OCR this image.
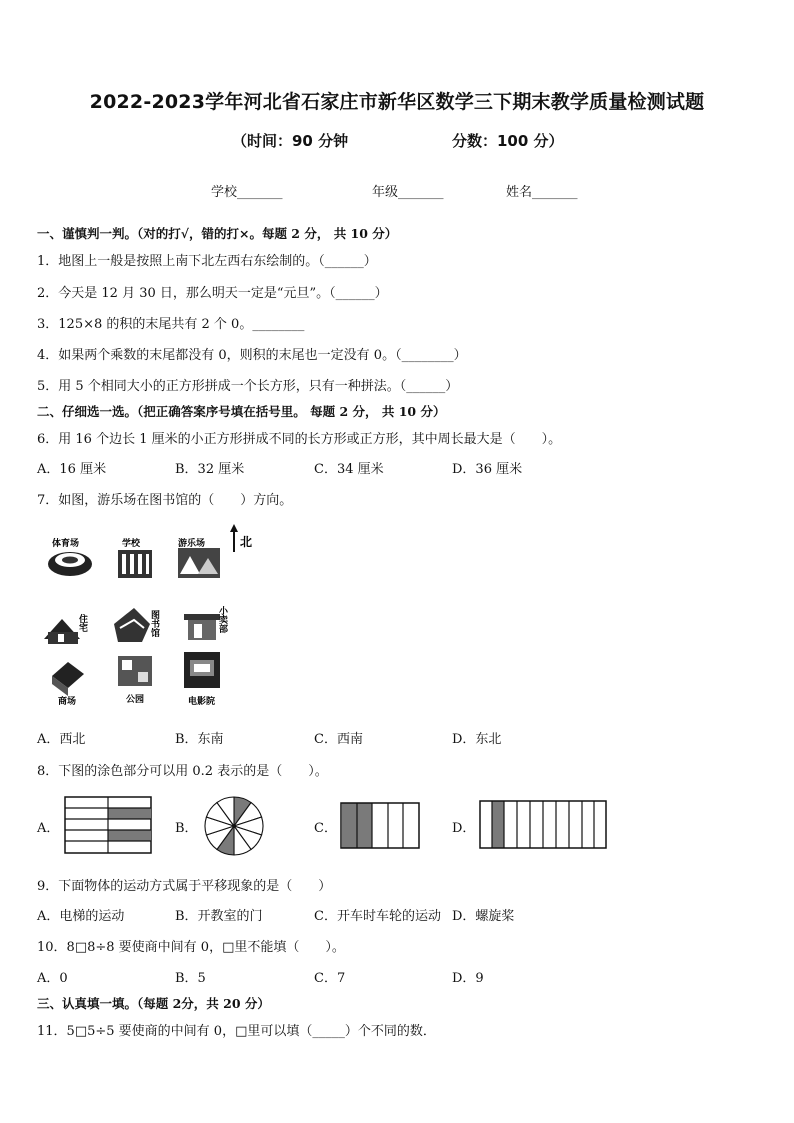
2022-2023学年河北省石家庄市新华区数学三下期末教学质量检测试题
（时间：90 分钟	分数：100 分）
学校_______	年级_______	姓名_______
一、谨慎判一判。（对的打√，错的打×。每题 2 分， 共 10 分）
1．地图上一般是按照上南下北左西右东绘制的。（______）
2．今天是 12 月 30 日，那么明天一定是“元旦”。（______）
3．125×8 的积的末尾共有 2 个 0。________
4．如果两个乘数的末尾都没有 0，则积的末尾也一定没有 0。（________）
5．用 5 个相同大小的正方形拼成一个长方形，只有一种拼法。（______）
二、仔细选一选。（把正确答案序号填在括号里。 每题 2 分， 共 10 分）
6．用 16 个边长 1 厘米的小正方形拼成不同的长方形或正方形，其中周长最大是（　　）。
A．16 厘米	B．32 厘米	C．34 厘米	D．36 厘米
7．如图，游乐场在图书馆的（　　）方向。
北
体育场	学校	游乐场
住宅	图书馆	小卖部
商场	公园	电影院
A．西北	B．东南	C．西南	D．东北
8．下图的涂色部分可以用 0.2 表示的是（　　）。
A．	B．	C．	D．
9．下面物体的运动方式属于平移现象的是（　　）
A．电梯的运动	B．开教室的门	C．开车时车轮的运动 D．螺旋桨
10．8□8÷8 要使商中间有 0，□里不能填（　　）。
A．0	B．5	C．7	D．9
三、认真填一填。（每题 2分，共 20 分）
11．5□5÷5 要使商的中间有 0，□里可以填（_____）个不同的数．
